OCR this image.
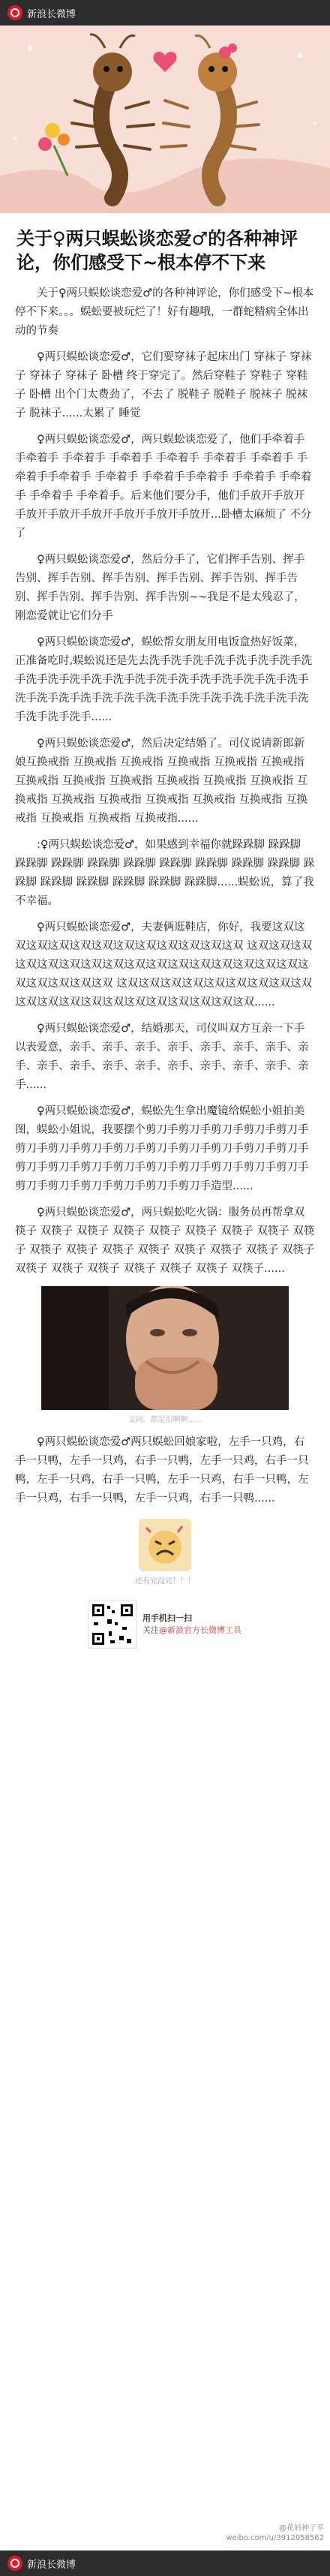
新浪长微博
关于♀两只蜈蚣谈恋爱♂的各种神评论，你们感受下~根本停不下来

关于♀两只蜈蚣谈恋爱♂的各种神评论，你们感受下~根本停不下来。。。蜈蚣要被玩烂了！好有趣哦，一群蛇精病全体出动的节奏

♀两只蜈蚣谈恋爱♂，它们要穿袜子起床出门 穿袜子 穿袜子 穿袜子 穿袜子 卧槽 终于穿完了。然后穿鞋子 穿鞋子 穿鞋子 卧槽 出个门太费劲了，不去了 脱鞋子 脱鞋子 脱袜子 脱袜子 脱袜子......太累了 睡觉

♀两只蜈蚣谈恋爱♂，两只蜈蚣谈恋爱了，他们手牵着手 手牵着手 手牵着手 手牵着手 手牵着手 手牵着手 手牵着手 手牵着手手牵着手 手牵着手 手牵着手手牵着手 手牵着手 手牵着手 手牵着手 手牵着手。后来他们要分手，他们手放开手放开手放开手放开手放开手放开手放开手放开...卧槽太麻烦了 不分了

♀两只蜈蚣谈恋爱♂，然后分手了，它们挥手告别、挥手告别、挥手告别、挥手告别、挥手告别、挥手告别、挥手告别、挥手告别、挥手告别、挥手告别~~我是不是太残忍了，刚恋爱就让它们分手

♀两只蜈蚣谈恋爱♂，蜈蚣帮女朋友用电饭盒热好饭菜，正准备吃时,蜈蚣说还是先去洗手洗手洗手洗手洗手洗手洗手洗手洗手洗手洗手洗手洗手洗手洗手洗手洗手洗手洗手洗手洗手洗手洗手洗手洗手洗手洗手洗手洗手洗手洗手洗手洗手洗手洗手洗手洗手洗手......

♀两只蜈蚣谈恋爱♂，然后决定结婚了。司仪说请新郎新娘互换戒指 互换戒指 互换戒指 互换戒指 互换戒指 互换戒指 互换戒指 互换戒指 互换戒指 互换戒指 互换戒指 互换戒指 互换戒指 互换戒指 互换戒指 互换戒指 互换戒指 互换戒指 互换戒指 互换戒指 互换戒指 互换戒指......

:♀两只蜈蚣谈恋爱♂，如果感到幸福你就跺跺脚 跺跺脚 跺跺脚 跺跺脚 跺跺脚 跺跺脚 跺跺脚 跺跺脚 跺跺脚 跺跺脚 跺跺脚 跺跺脚 跺跺脚 跺跺脚 跺跺脚 跺跺脚......蜈蚣说，算了我不幸福。

♀两只蜈蚣谈恋爱♂，夫妻俩逛鞋店，你好，我要这双这双这双这双这双这双这双这双这双这双这双这双 这双这双这双这双这双这双这双这双这双这双这双这双这双这双这双这双这双这双这双这双这双 这双这双这双这双这双这双这双这双这双这双这双这双这双这双这双这双这双这双这双这双......

♀两只蜈蚣谈恋爱♂，结婚那天，司仪叫双方互亲一下手以表爱意，亲手、亲手、亲手、亲手、亲手、亲手、亲手、亲手、亲手、亲手、亲手、亲手、亲手、亲手、亲手、亲手、亲手......

♀两只蜈蚣谈恋爱♂，蜈蚣先生拿出魔镜给蜈蚣小姐拍美图，蜈蚣小姐说，我要摆个剪刀手剪刀手剪刀手剪刀手剪刀手剪刀手剪刀手剪刀手剪刀手剪刀手剪刀手剪刀手剪刀手剪刀手剪刀手剪刀手剪刀手剪刀手剪刀手剪刀手剪刀手剪刀手剪刀手剪刀手剪刀手剪刀手剪刀手剪刀手剪刀手造型......

♀两只蜈蚣谈恋爱♂，两只蜈蚣吃火锅：服务员再帮拿双筷子 双筷子 双筷子 双筷子 双筷子 双筷子 双筷子 双筷子 双筷子 双筷子 双筷子 双筷子 双筷子 双筷子 双筷子 双筷子 双筷子 双筷子 双筷子 双筷子 双筷子 双筷子 双筷子 双筷子......

文同。都是泪啊啊......

♀两只蜈蚣谈恋爱♂两只蜈蚣回娘家啦，左手一只鸡，右手一只鸭，左手一只鸡，右手一只鸭，左手一只鸡，右手一只鸭，左手一只鸡，右手一只鸭，左手一只鸡，右手一只鸭，左手一只鸡，右手一只鸭，左手一只鸡，右手一只鸭......

还有完没完！！！
用手机扫一扫
关注@新浪官方长微博工具
@花妈神子苹
weibo.com/u/3912058562
新浪长微博
